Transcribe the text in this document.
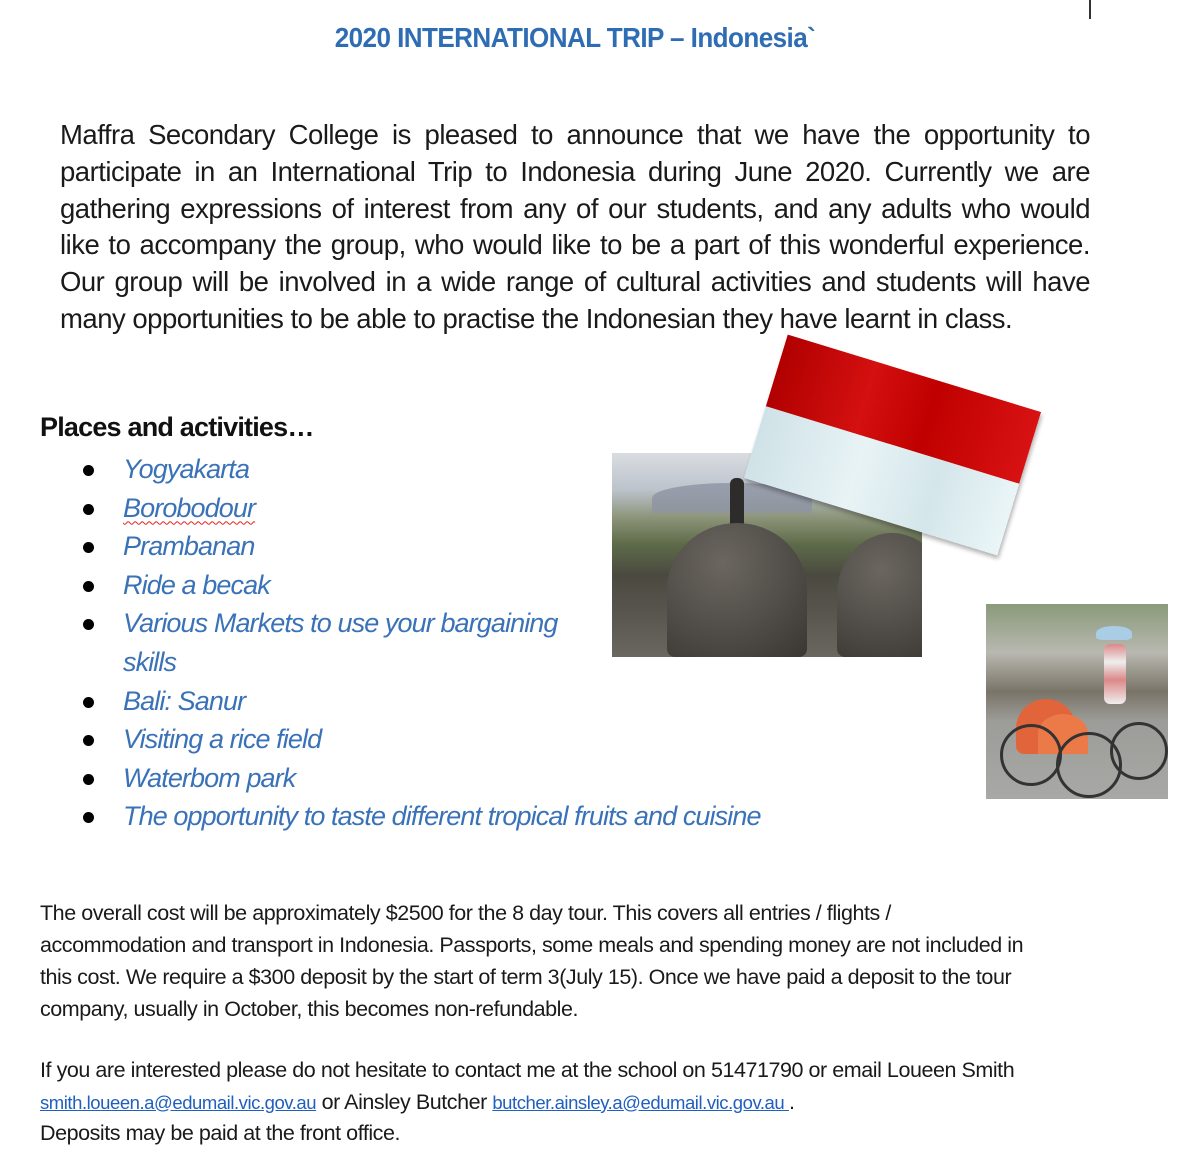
2020 INTERNATIONAL TRIP – Indonesia`

Maffra Secondary College is pleased to announce that we have the opportunity to participate in an International Trip to Indonesia during June 2020. Currently we are gathering expressions of interest from any of our students, and any adults who would like to accompany the group, who would like to be a part of this wonderful experience. Our group will be involved in a wide range of cultural activities and students will have many opportunities to be able to practise the Indonesian they have learnt in class.

Places and activities…
Yogyakarta
Borobodour
Prambanan
Ride a becak
Various Markets to use your bargaining skills
Bali: Sanur
Visiting a rice field
Waterbom park
The opportunity to taste different tropical fruits and cuisine

The overall cost will be approximately $2500 for the 8 day tour. This covers all entries / flights / accommodation and transport in Indonesia. Passports, some meals and spending money are not included in this cost. We require a $300 deposit by the start of term 3(July 15). Once we have paid a deposit to the tour company, usually in October, this becomes non-refundable.

If you are interested please do not hesitate to contact me at the school on 51471790 or email Loueen Smith smith.loueen.a@edumail.vic.gov.au or Ainsley Butcher butcher.ainsley.a@edumail.vic.gov.au .
Deposits may be paid at the front office.
